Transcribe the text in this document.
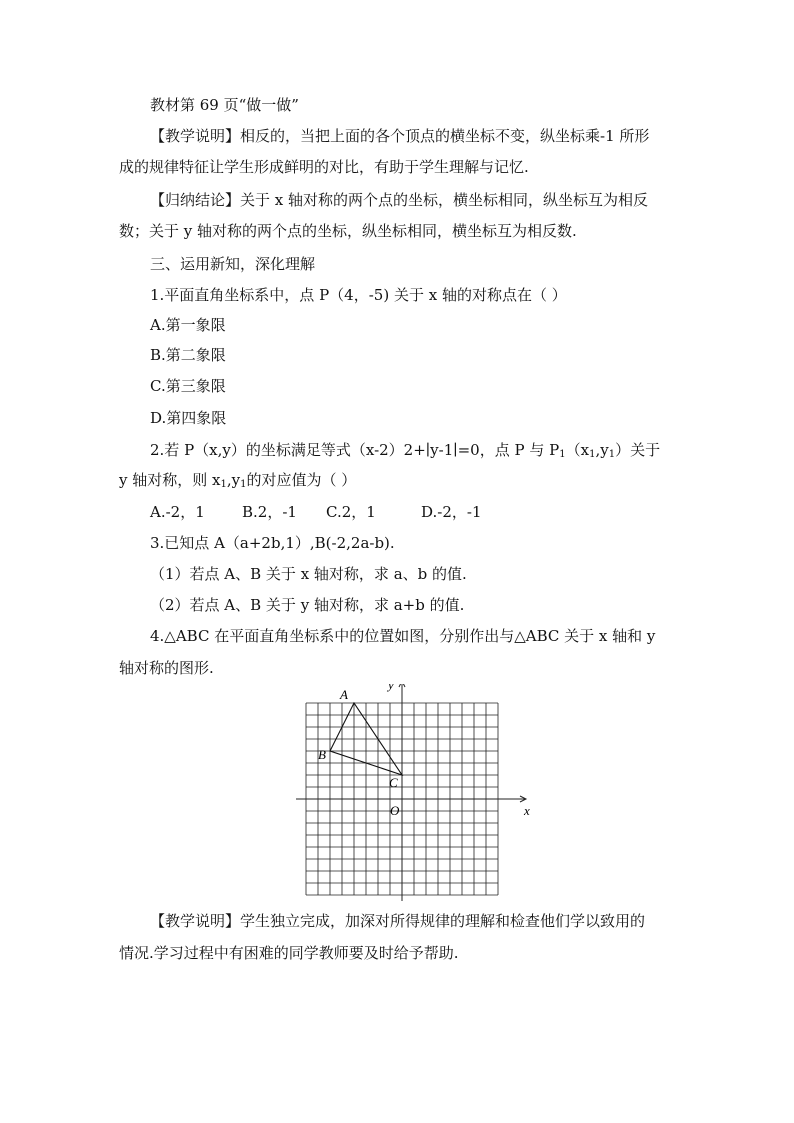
教材第 69 页“做一做”
【教学说明】相反的，当把上面的各个顶点的横坐标不变，纵坐标乘-1 所形
成的规律特征让学生形成鲜明的对比，有助于学生理解与记忆.
【归纳结论】关于 x 轴对称的两个点的坐标，横坐标相同，纵坐标互为相反
数；关于 y 轴对称的两个点的坐标，纵坐标相同，横坐标互为相反数.
三、运用新知，深化理解
1.平面直角坐标系中，点 P（4，-5) 关于 x 轴的对称点在（ ）
A.第一象限
B.第二象限
C.第三象限
D.第四象限
2.若 P（x,y）的坐标满足等式（x-2）2+∣y-1∣=0，点 P 与 $P_1(x_1,y_1)$关于
y 轴对称，则 $x_1,y_1$的对应值为（ ）
A.-2，1 B.2，-1 C.2，1	D.-2，-1
3.已知点 A（a+2b,1）,B(-2,2a-b).
（1）若点 A、B 关于 x 轴对称，求 a、b 的值.
（2）若点 A、B 关于 y 轴对称，求 a+b 的值.
4.△ABC 在平面直角坐标系中的位置如图，分别作出与△ABC 关于 x 轴和 y
轴对称的图形.
y
x
O
A
B
C
【教学说明】学生独立完成，加深对所得规律的理解和检查他们学以致用的
情况.学习过程中有困难的同学教师要及时给予帮助.
